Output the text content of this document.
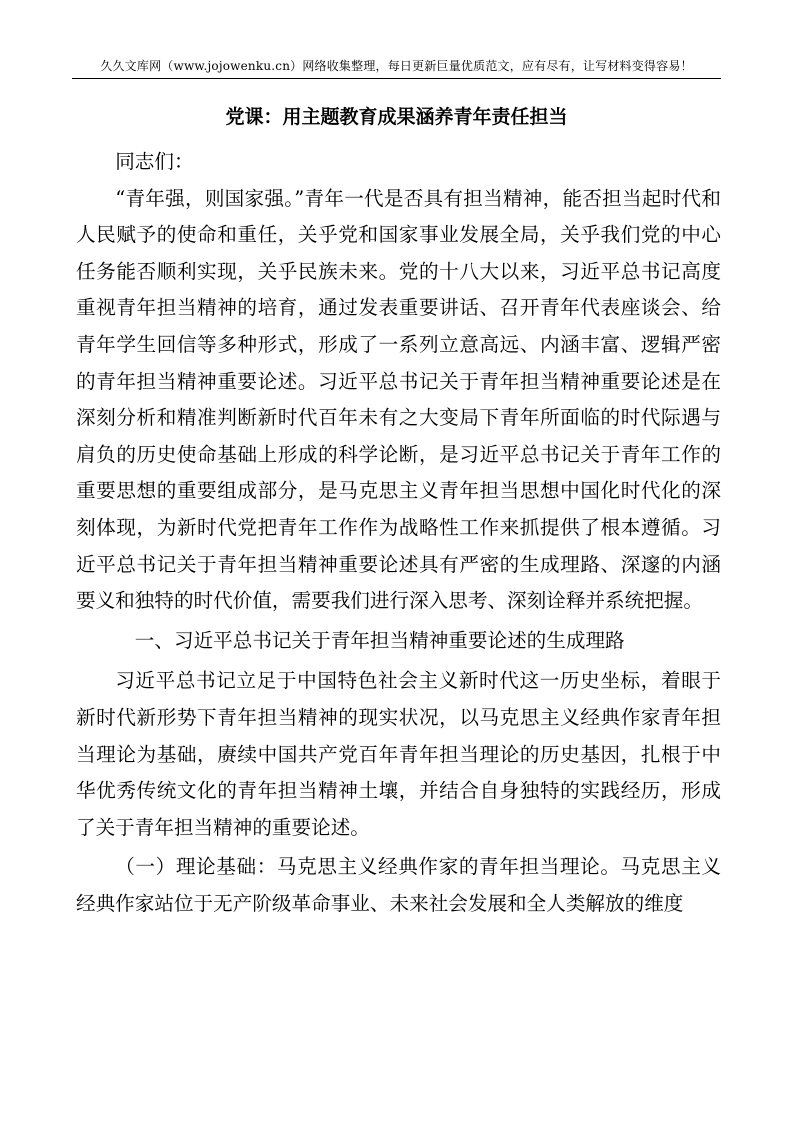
久久文库网（www.jojowenku.cn）网络收集整理，每日更新巨量优质范文，应有尽有，让写材料变得容易！
党课：用主题教育成果涵养青年责任担当

同志们：

“青年强，则国家强。”青年一代是否具有担当精神，能否担当起时代和人民赋予的使命和重任，关乎党和国家事业发展全局，关乎我们党的中心任务能否顺利实现，关乎民族未来。党的十八大以来，习近平总书记高度重视青年担当精神的培育，通过发表重要讲话、召开青年代表座谈会、给青年学生回信等多种形式，形成了一系列立意高远、内涵丰富、逻辑严密的青年担当精神重要论述。习近平总书记关于青年担当精神重要论述是在深刻分析和精准判断新时代百年未有之大变局下青年所面临的时代际遇与肩负的历史使命基础上形成的科学论断，是习近平总书记关于青年工作的重要思想的重要组成部分，是马克思主义青年担当思想中国化时代化的深刻体现，为新时代党把青年工作作为战略性工作来抓提供了根本遵循。习近平总书记关于青年担当精神重要论述具有严密的生成理路、深邃的内涵要义和独特的时代价值，需要我们进行深入思考、深刻诠释并系统把握。

一、习近平总书记关于青年担当精神重要论述的生成理路

习近平总书记立足于中国特色社会主义新时代这一历史坐标，着眼于新时代新形势下青年担当精神的现实状况，以马克思主义经典作家青年担当理论为基础，赓续中国共产党百年青年担当理论的历史基因，扎根于中华优秀传统文化的青年担当精神土壤，并结合自身独特的实践经历，形成了关于青年担当精神的重要论述。

（一）理论基础：马克思主义经典作家的青年担当理论。马克思主义经典作家站位于无产阶级革命事业、未来社会发展和全人类解放的维度
